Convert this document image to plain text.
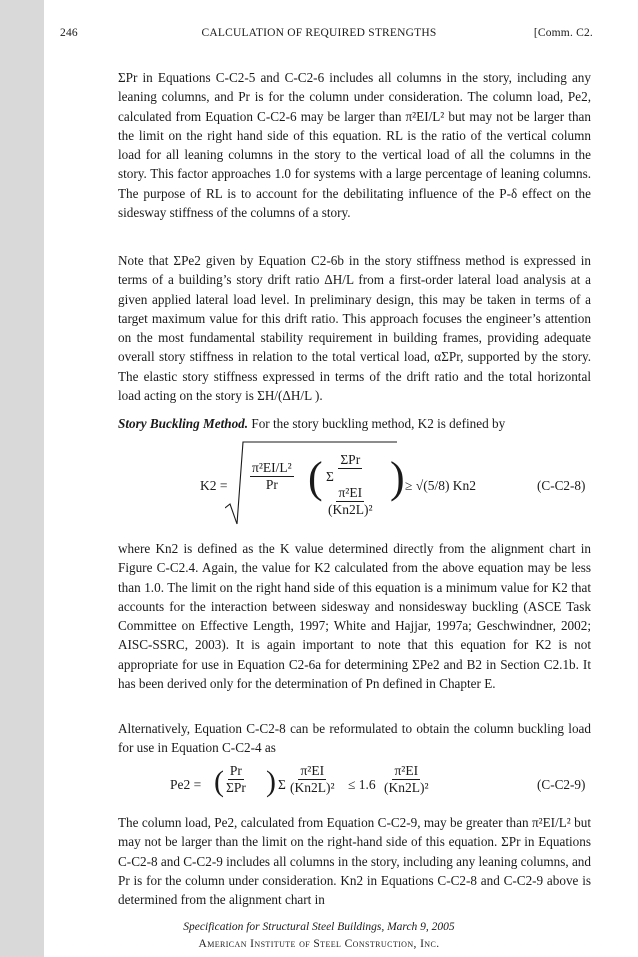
CALCULATION OF REQUIRED STRENGTHS
246	[Comm. C2.

ΣPr in Equations C-C2-5 and C-C2-6 includes all columns in the story, including any leaning columns, and Pr is for the column under consideration. The column load, Pe2, calculated from Equation C-C2-6 may be larger than π²EI/L² but may not be larger than the limit on the right hand side of this equation. RL is the ratio of the vertical column load for all leaning columns in the story to the vertical load of all the columns in the story. This factor approaches 1.0 for systems with a large percentage of leaning columns. The purpose of RL is to account for the debilitating influence of the P-δ effect on the sidesway stiffness of the columns of a story.

Note that ΣPe2 given by Equation C2-6b in the story stiffness method is expressed in terms of a building’s story drift ratio ΔH/L from a first-order lateral load analysis at a given applied lateral load level. In preliminary design, this may be taken in terms of a target maximum value for this drift ratio. This approach focuses the engineer’s attention on the most fundamental stability requirement in building frames, providing adequate overall story stiffness in relation to the total vertical load, αΣPr, supported by the story. The elastic story stiffness expressed in terms of the drift ratio and the total horizontal load acting on the story is ΣH/(ΔH/L ).

Story Buckling Method. For the story buckling method, K2 is defined by

$K2 = \frac{\text{π²EI/L²}}{Pr}$ ( ΣPr
Σ
$\frac{\text{π²EI}}{\text{(Kn2L)²}}$ ) ≥ √(5/8) Kn2	(C-C2-8)

where Kn2 is defined as the K value determined directly from the alignment chart in Figure C-C2.4. Again, the value for K2 calculated from the above equation may be less than 1.0. The limit on the right hand side of this equation is a minimum value for K2 that accounts for the interaction between sidesway and nonsidesway buckling (ASCE Task Committee on Effective Length, 1997; White and Hajjar, 1997a; Geschwindner, 2002; AISC-SSRC, 2003). It is again important to note that this equation for K2 is not appropriate for use in Equation C2-6a for determining ΣPe2 and B2 in Section C2.1b. It has been derived only for the determination of Pn defined in Chapter E.

Alternatively, Equation C-C2-8 can be reformulated to obtain the column buckling load for use in Equation C-C2-4 as

Pe2 = ( Pr
ΣPr ) Σ $\frac{\text{π²EI}}{\text{(Kn2L)²}} \le 1.6 \frac{\text{π²EI}}{\text{(Kn2L)²}}$	(C-C2-9)

The column load, Pe2, calculated from Equation C-C2-9, may be greater than π²EI/L² but may not be larger than the limit on the right-hand side of this equation. ΣPr in Equations C-C2-8 and C-C2-9 includes all columns in the story, including any leaning columns, and Pr is for the column under consideration. Kn2 in Equations C-C2-8 and C-C2-9 above is determined from the alignment chart in

Specification for Structural Steel Buildings, March 9, 2005
American Institute of Steel Construction, Inc.
